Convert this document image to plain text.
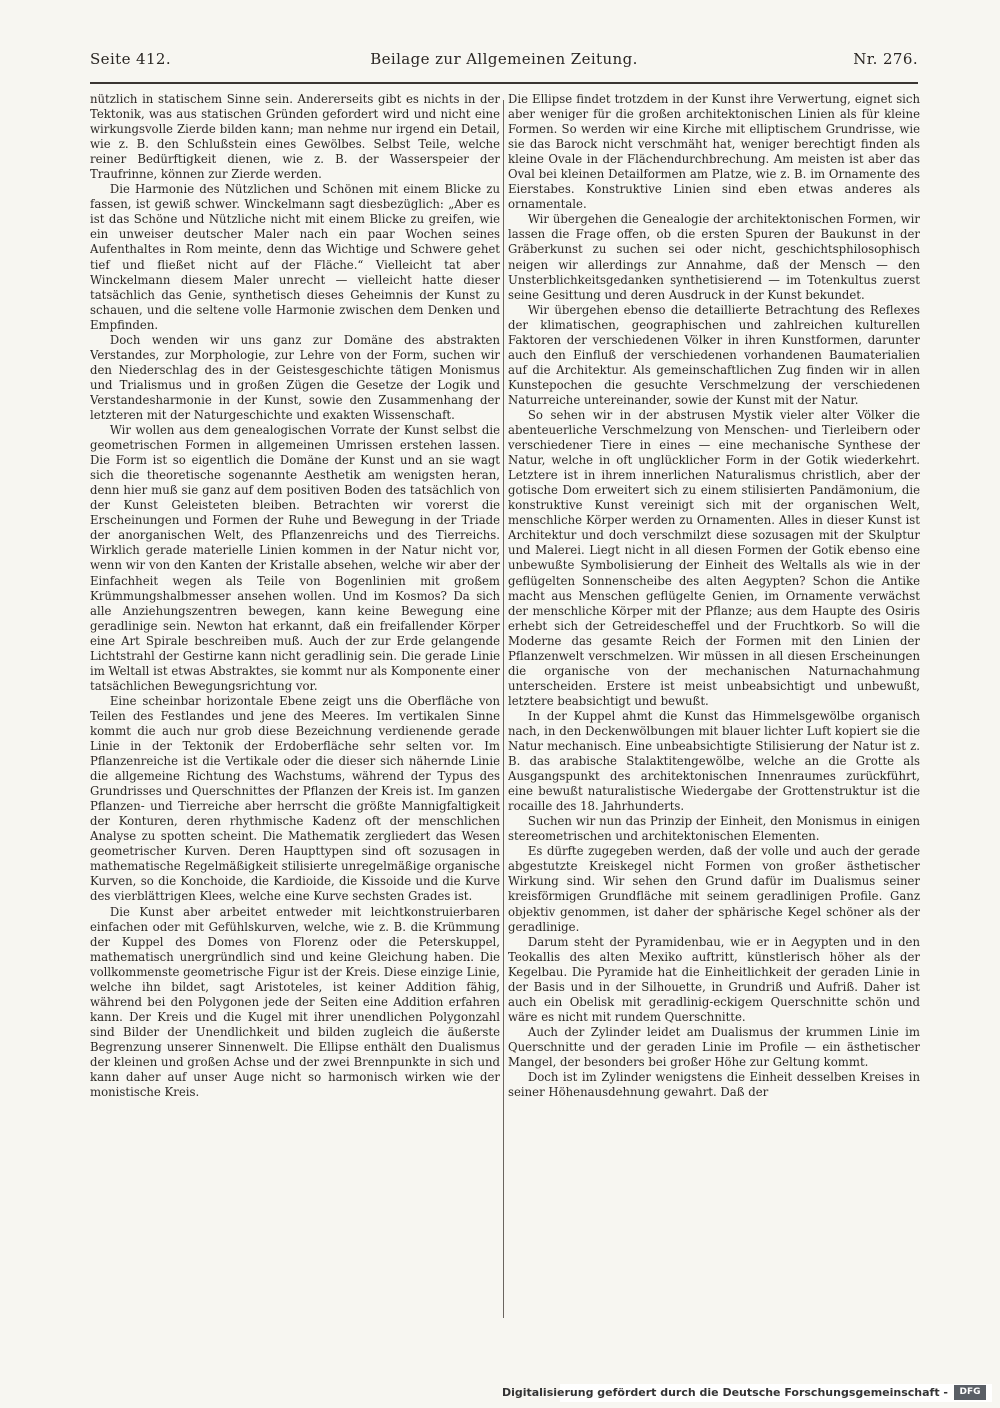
Seite 412.	Beilage zur Allgemeinen Zeitung.	Nr. 276.

nützlich in statischem Sinne sein. Andererseits gibt es nichts in der Tektonik, was aus statischen Gründen gefordert wird und nicht eine wirkungsvolle Zierde bilden kann; man nehme nur irgend ein Detail, wie z. B. den Schlußstein eines Gewölbes. Selbst Teile, welche reiner Bedürftigkeit dienen, wie z. B. der Wasserspeier der Traufrinne, können zur Zierde werden.

Die Harmonie des Nützlichen und Schönen mit einem Blicke zu fassen, ist gewiß schwer. Winckelmann sagt diesbezüglich: „Aber es ist das Schöne und Nützliche nicht mit einem Blicke zu greifen, wie ein unweiser deutscher Maler nach ein paar Wochen seines Aufenthaltes in Rom meinte, denn das Wichtige und Schwere gehet tief und fließet nicht auf der Fläche.“ Vielleicht tat aber Winckelmann diesem Maler unrecht — vielleicht hatte dieser tatsächlich das Genie, synthetisch dieses Geheimnis der Kunst zu schauen, und die seltene volle Harmonie zwischen dem Denken und Empfinden.

Doch wenden wir uns ganz zur Domäne des abstrakten Verstandes, zur Morphologie, zur Lehre von der Form, suchen wir den Niederschlag des in der Geistesgeschichte tätigen Monismus und Trialismus und in großen Zügen die Gesetze der Logik und Verstandesharmonie in der Kunst, sowie den Zusammenhang der letzteren mit der Naturgeschichte und exakten Wissenschaft.

Wir wollen aus dem genealogischen Vorrate der Kunst selbst die geometrischen Formen in allgemeinen Umrissen erstehen lassen. Die Form ist so eigentlich die Domäne der Kunst und an sie wagt sich die theoretische sogenannte Aesthetik am wenigsten heran, denn hier muß sie ganz auf dem positiven Boden des tatsächlich von der Kunst Geleisteten bleiben. Betrachten wir vorerst die Erscheinungen und Formen der Ruhe und Bewegung in der Triade der anorganischen Welt, des Pflanzenreichs und des Tierreichs. Wirklich gerade materielle Linien kommen in der Natur nicht vor, wenn wir von den Kanten der Kristalle absehen, welche wir aber der Einfachheit wegen als Teile von Bogenlinien mit großem Krümmungshalbmesser ansehen wollen. Und im Kosmos? Da sich alle Anziehungszentren bewegen, kann keine Bewegung eine geradlinige sein. Newton hat erkannt, daß ein freifallender Körper eine Art Spirale beschreiben muß. Auch der zur Erde gelangende Lichtstrahl der Gestirne kann nicht geradlinig sein. Die gerade Linie im Weltall ist etwas Abstraktes, sie kommt nur als Komponente einer tatsächlichen Bewegungsrichtung vor.

Eine scheinbar horizontale Ebene zeigt uns die Oberfläche von Teilen des Festlandes und jene des Meeres. Im vertikalen Sinne kommt die auch nur grob diese Bezeichnung verdienende gerade Linie in der Tektonik der Erdoberfläche sehr selten vor. Im Pflanzenreiche ist die Vertikale oder die dieser sich nähernde Linie die allgemeine Richtung des Wachstums, während der Typus des Grundrisses und Querschnittes der Pflanzen der Kreis ist. Im ganzen Pflanzen- und Tierreiche aber herrscht die größte Mannigfaltigkeit der Konturen, deren rhythmische Kadenz oft der menschlichen Analyse zu spotten scheint. Die Mathematik zergliedert das Wesen geometrischer Kurven. Deren Haupttypen sind oft sozusagen in mathematische Regelmäßigkeit stilisierte unregelmäßige organische Kurven, so die Konchoide, die Kardioide, die Kissoide und die Kurve des vierblättrigen Klees, welche eine Kurve sechsten Grades ist.

Die Kunst aber arbeitet entweder mit leichtkonstruierbaren einfachen oder mit Gefühlskurven, welche, wie z. B. die Krümmung der Kuppel des Domes von Florenz oder die Peterskuppel, mathematisch unergründlich sind und keine Gleichung haben. Die vollkommenste geometrische Figur ist der Kreis. Diese einzige Linie, welche ihn bildet, sagt Aristoteles, ist keiner Addition fähig, während bei den Polygonen jede der Seiten eine Addition erfahren kann. Der Kreis und die Kugel mit ihrer unendlichen Polygonzahl sind Bilder der Unendlichkeit und bilden zugleich die äußerste Begrenzung unserer Sinnenwelt. Die Ellipse enthält den Dualismus der kleinen und großen Achse und der zwei Brennpunkte in sich und kann daher auf unser Auge nicht so harmonisch wirken wie der monistische Kreis.

Die Ellipse findet trotzdem in der Kunst ihre Verwertung, eignet sich aber weniger für die großen architektonischen Linien als für kleine Formen. So werden wir eine Kirche mit elliptischem Grundrisse, wie sie das Barock nicht verschmäht hat, weniger berechtigt finden als kleine Ovale in der Flächendurchbrechung. Am meisten ist aber das Oval bei kleinen Detailformen am Platze, wie z. B. im Ornamente des Eierstabes. Konstruktive Linien sind eben etwas anderes als ornamentale.

Wir übergehen die Genealogie der architektonischen Formen, wir lassen die Frage offen, ob die ersten Spuren der Baukunst in der Gräberkunst zu suchen sei oder nicht, geschichtsphilosophisch neigen wir allerdings zur Annahme, daß der Mensch — den Unsterblichkeitsgedanken synthetisierend — im Totenkultus zuerst seine Gesittung und deren Ausdruck in der Kunst bekundet.

Wir übergehen ebenso die detaillierte Betrachtung des Reflexes der klimatischen, geographischen und zahlreichen kulturellen Faktoren der verschiedenen Völker in ihren Kunstformen, darunter auch den Einfluß der verschiedenen vorhandenen Baumaterialien auf die Architektur. Als gemeinschaftlichen Zug finden wir in allen Kunstepochen die gesuchte Verschmelzung der verschiedenen Naturreiche untereinander, sowie der Kunst mit der Natur.

So sehen wir in der abstrusen Mystik vieler alter Völker die abenteuerliche Verschmelzung von Menschen- und Tierleibern oder verschiedener Tiere in eines — eine mechanische Synthese der Natur, welche in oft unglücklicher Form in der Gotik wiederkehrt. Letztere ist in ihrem innerlichen Naturalismus christlich, aber der gotische Dom erweitert sich zu einem stilisierten Pandämonium, die konstruktive Kunst vereinigt sich mit der organischen Welt, menschliche Körper werden zu Ornamenten. Alles in dieser Kunst ist Architektur und doch verschmilzt diese sozusagen mit der Skulptur und Malerei. Liegt nicht in all diesen Formen der Gotik ebenso eine unbewußte Symbolisierung der Einheit des Weltalls als wie in der geflügelten Sonnenscheibe des alten Aegypten? Schon die Antike macht aus Menschen geflügelte Genien, im Ornamente verwächst der menschliche Körper mit der Pflanze; aus dem Haupte des Osiris erhebt sich der Getreidescheffel und der Fruchtkorb. So will die Moderne das gesamte Reich der Formen mit den Linien der Pflanzenwelt verschmelzen. Wir müssen in all diesen Erscheinungen die organische von der mechanischen Naturnachahmung unterscheiden. Erstere ist meist unbeabsichtigt und unbewußt, letztere beabsichtigt und bewußt.

In der Kuppel ahmt die Kunst das Himmelsgewölbe organisch nach, in den Deckenwölbungen mit blauer lichter Luft kopiert sie die Natur mechanisch. Eine unbeabsichtigte Stilisierung der Natur ist z. B. das arabische Stalaktitengewölbe, welche an die Grotte als Ausgangspunkt des architektonischen Innenraumes zurückführt, eine bewußt naturalistische Wiedergabe der Grottenstruktur ist die rocaille des 18. Jahrhunderts.

Suchen wir nun das Prinzip der Einheit, den Monismus in einigen stereometrischen und architektonischen Elementen.

Es dürfte zugegeben werden, daß der volle und auch der gerade abgestutzte Kreiskegel nicht Formen von großer ästhetischer Wirkung sind. Wir sehen den Grund dafür im Dualismus seiner kreisförmigen Grundfläche mit seinem geradlinigen Profile. Ganz objektiv genommen, ist daher der sphärische Kegel schöner als der geradlinige.

Darum steht der Pyramidenbau, wie er in Aegypten und in den Teokallis des alten Mexiko auftritt, künstlerisch höher als der Kegelbau. Die Pyramide hat die Einheitlichkeit der geraden Linie in der Basis und in der Silhouette, in Grundriß und Aufriß. Daher ist auch ein Obelisk mit geradlinig-eckigem Querschnitte schön und wäre es nicht mit rundem Querschnitte.

Auch der Zylinder leidet am Dualismus der krummen Linie im Querschnitte und der geraden Linie im Profile — ein ästhetischer Mangel, der besonders bei großer Höhe zur Geltung kommt.

Doch ist im Zylinder wenigstens die Einheit desselben Kreises in seiner Höhenausdehnung gewahrt. Daß der

Digitalisierung gefördert durch die Deutsche Forschungsgemeinschaft -	DFG
